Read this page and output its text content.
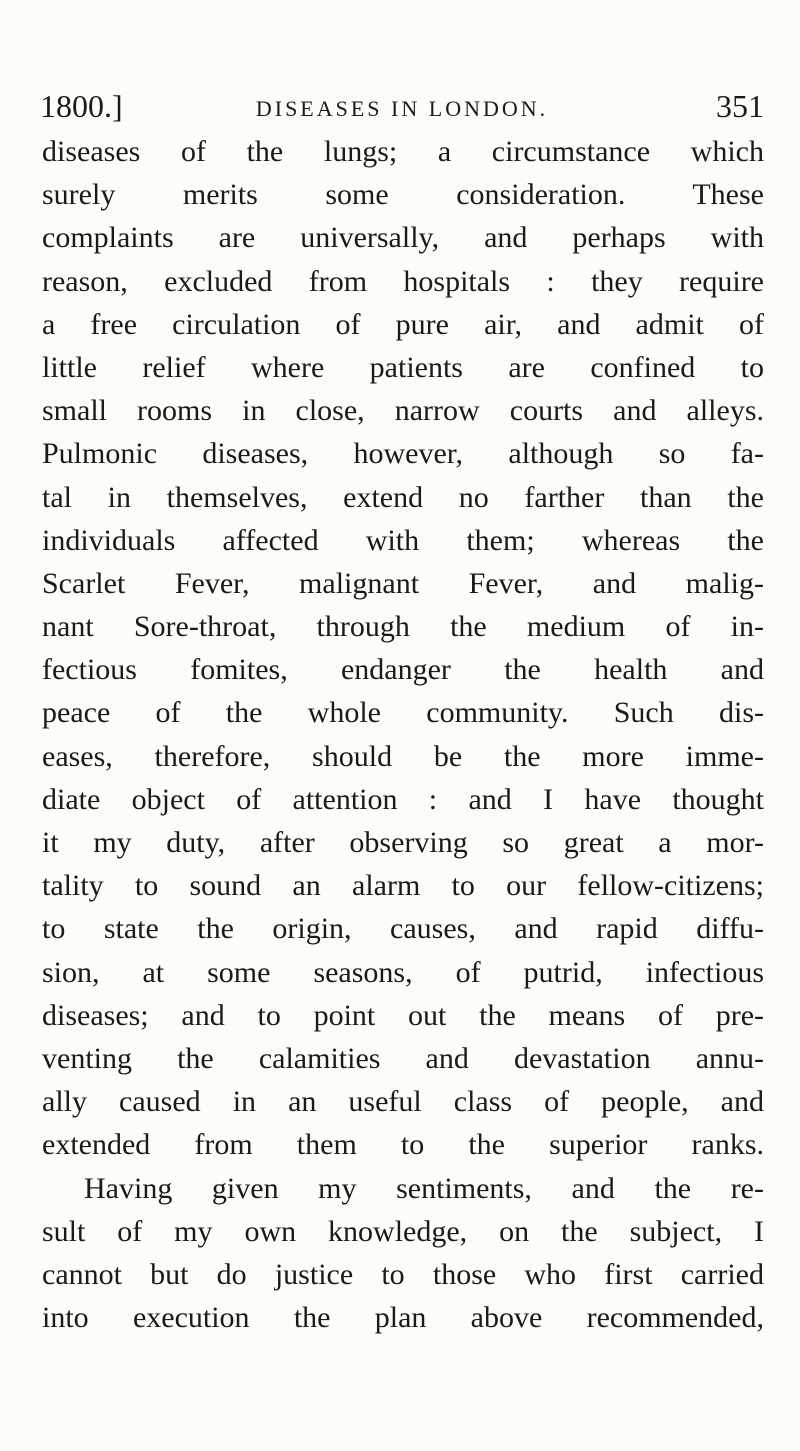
1800.]	DISEASES IN LONDON.	351
diseases of the lungs; a circumstance which
surely merits some consideration. These
complaints are universally, and perhaps with
reason, excluded from hospitals : they require
a free circulation of pure air, and admit of
little relief where patients are confined to
small rooms in close, narrow courts and alleys.
Pulmonic diseases, however, although so fa-
tal in themselves, extend no farther than the
individuals affected with them; whereas the
Scarlet Fever, malignant Fever, and malig-
nant Sore-throat, through the medium of in-
fectious fomites, endanger the health and
peace of the whole community. Such dis-
eases, therefore, should be the more imme-
diate object of attention : and I have thought
it my duty, after observing so great a mor-
tality to sound an alarm to our fellow-citizens;
to state the origin, causes, and rapid diffu-
sion, at some seasons, of putrid, infectious
diseases; and to point out the means of pre-
venting the calamities and devastation annu-
ally caused in an useful class of people, and
extended from them to the superior ranks.
Having given my sentiments, and the re-
sult of my own knowledge, on the subject, I
cannot but do justice to those who first carried
into execution the plan above recommended,
